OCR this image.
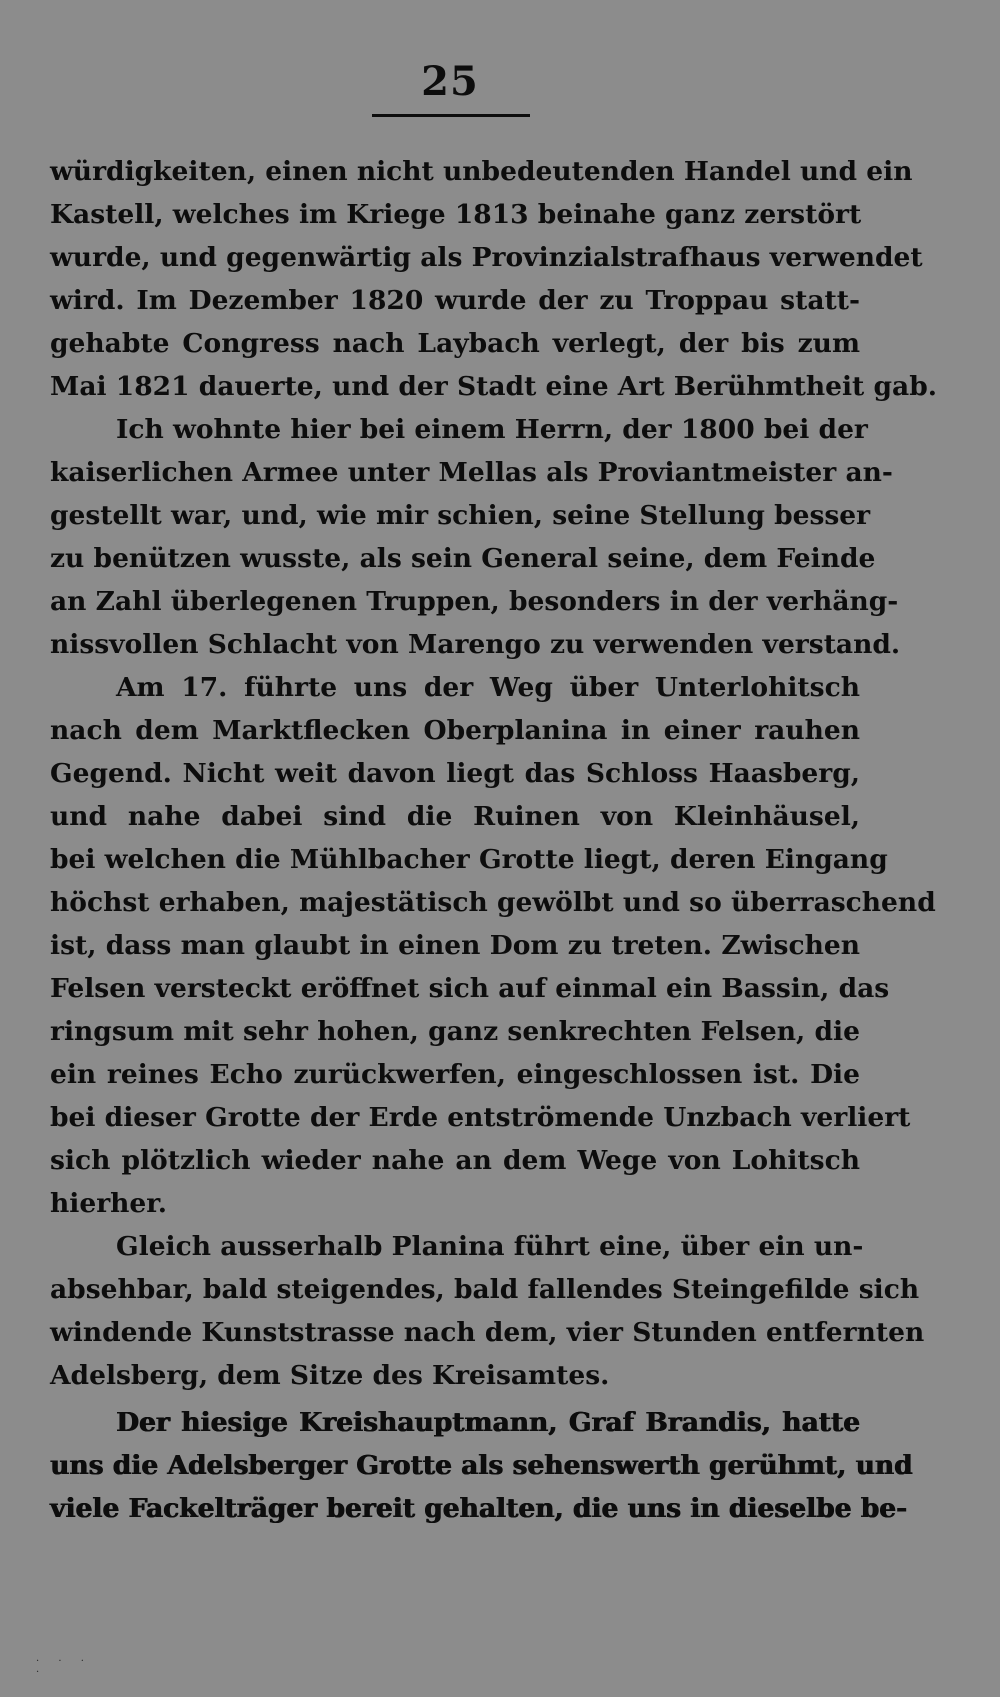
25
würdigkeiten, einen nicht unbedeutenden Handel und ein
Kastell, welches im Kriege 1813 beinahe ganz zerstört
wurde, und gegenwärtig als Provinzialstrafhaus verwendet
wird. Im Dezember 1820 wurde der zu Troppau statt-
gehabte Congress nach Laybach verlegt, der bis zum
Mai 1821 dauerte, und der Stadt eine Art Berühmtheit gab.
Ich wohnte hier bei einem Herrn, der 1800 bei der
kaiserlichen Armee unter Mellas als Proviantmeister an-
gestellt war, und, wie mir schien, seine Stellung besser
zu benützen wusste, als sein General seine, dem Feinde
an Zahl überlegenen Truppen, besonders in der verhäng-
nissvollen Schlacht von Marengo zu verwenden verstand.
Am 17. führte uns der Weg über Unterlohitsch
nach dem Marktflecken Oberplanina in einer rauhen
Gegend. Nicht weit davon liegt das Schloss Haasberg,
und nahe dabei sind die Ruinen von Kleinhäusel,
bei welchen die Mühlbacher Grotte liegt, deren Eingang
höchst erhaben, majestätisch gewölbt und so überraschend
ist, dass man glaubt in einen Dom zu treten. Zwischen
Felsen versteckt eröffnet sich auf einmal ein Bassin, das
ringsum mit sehr hohen, ganz senkrechten Felsen, die
ein reines Echo zurückwerfen, eingeschlossen ist. Die
bei dieser Grotte der Erde entströmende Unzbach verliert
sich plötzlich wieder nahe an dem Wege von Lohitsch
hierher.
Gleich ausserhalb Planina führt eine, über ein un-
absehbar, bald steigendes, bald fallendes Steingefilde sich
windende Kunststrasse nach dem, vier Stunden entfernten
Adelsberg, dem Sitze des Kreisamtes.
Der hiesige Kreishauptmann, Graf Brandis, hatte
uns die Adelsberger Grotte als sehenswerth gerühmt, und
viele Fackelträger bereit gehalten, die uns in dieselbe be-
· · · ·
